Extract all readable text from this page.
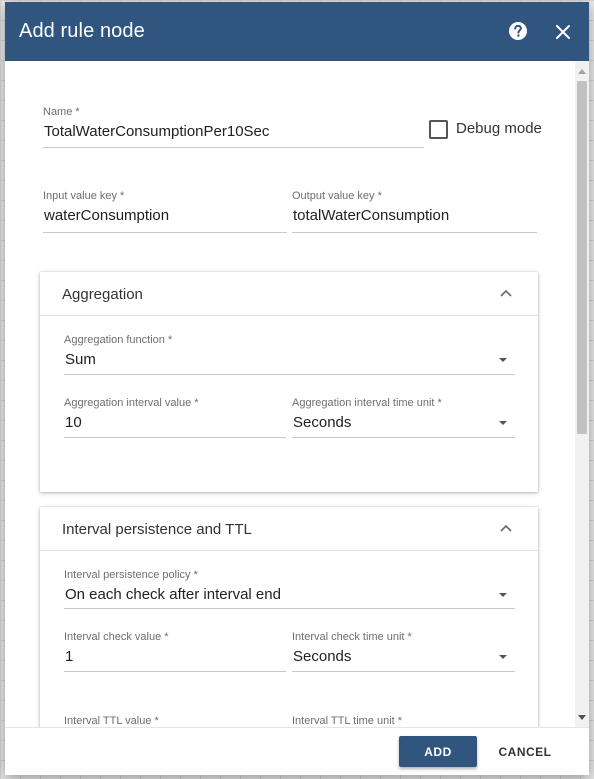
Add rule node
Name *
TotalWaterConsumptionPer10Sec	Debug mode
Input value key *
waterConsumption
Output value key *
totalWaterConsumption
Aggregation
Aggregation function *
Sum
Aggregation interval value *
10
Aggregation interval time unit *
Seconds
Interval persistence and TTL
Interval persistence policy *
On each check after interval end
Interval check value *
1
Interval check time unit *
Seconds
Interval TTL value *	Interval TTL time unit *
ADD	CANCEL
